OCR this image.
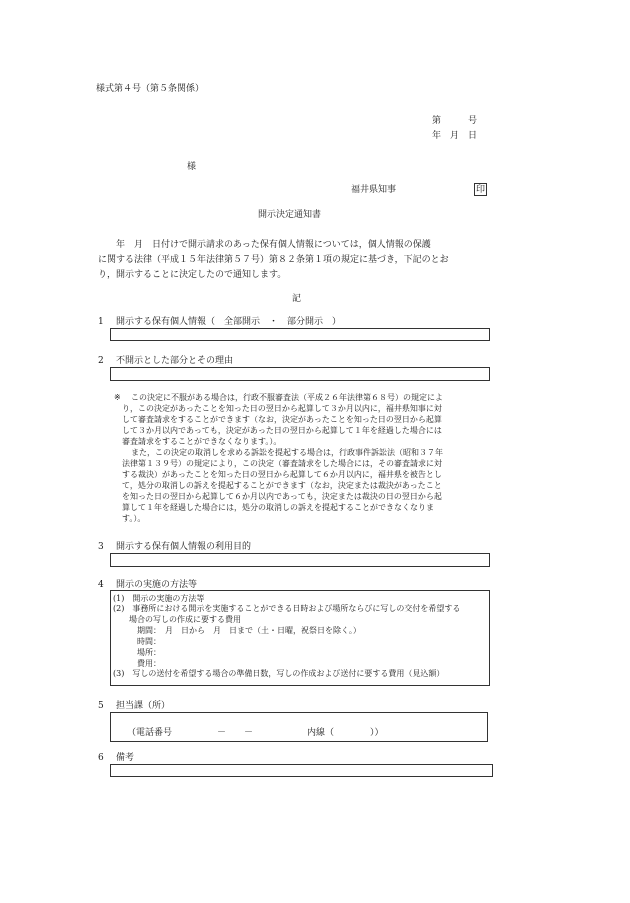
様式第４号（第５条関係）
第　　　号
年　月　日
様
福井県知事	印
開示決定通知書
　　年　月　日付けで開示請求のあった保有個人情報については，個人情報の保護
に関する法律（平成１５年法律第５７号）第８２条第１項の規定に基づき，下記のとお
り，開示することに決定したので通知します。
記
1 開示する保有個人情報（　全部開示　・　部分開示　）
2 不開示とした部分とその理由
※ この決定に不服がある場合は，行政不服審査法（平成２６年法律第６８号）の規定によ
り，この決定があったことを知った日の翌日から起算して３か月以内に，福井県知事に対
して審査請求をすることができます（なお，決定があったことを知った日の翌日から起算
して３か月以内であっても，決定があった日の翌日から起算して１年を経過した場合には
審査請求をすることができなくなります。）。
また，この決定の取消しを求める訴訟を提起する場合は，行政事件訴訟法（昭和３７年
法律第１３９号）の規定により，この決定（審査請求をした場合には，その審査請求に対
する裁決）があったことを知った日の翌日から起算して６か月以内に，福井県を被告とし
て，処分の取消しの訴えを提起することができます（なお，決定または裁決があったこと
を知った日の翌日から起算して６か月以内であっても，決定または裁決の日の翌日から起
算して１年を経過した場合には，処分の取消しの訴えを提起することができなくなりま
す。）。
3 開示する保有個人情報の利用目的
4 開示の実施の方法等
(1)　開示の実施の方法等
(2)　事務所における開示を実施することができる日時および場所ならびに写しの交付を希望する
　　場合の写しの作成に要する費用
　　　期間：　月　日から　月　日まで（土・日曜，祝祭日を除く。）
　　　時間：
　　　場所：
　　　費用：
(3)　写しの送付を希望する場合の準備日数，写しの作成および送付に要する費用（見込額）
5 担当課（所）
（電話番号　　　　　－　　－　　　　　　内線（　　　　））
6 備考
